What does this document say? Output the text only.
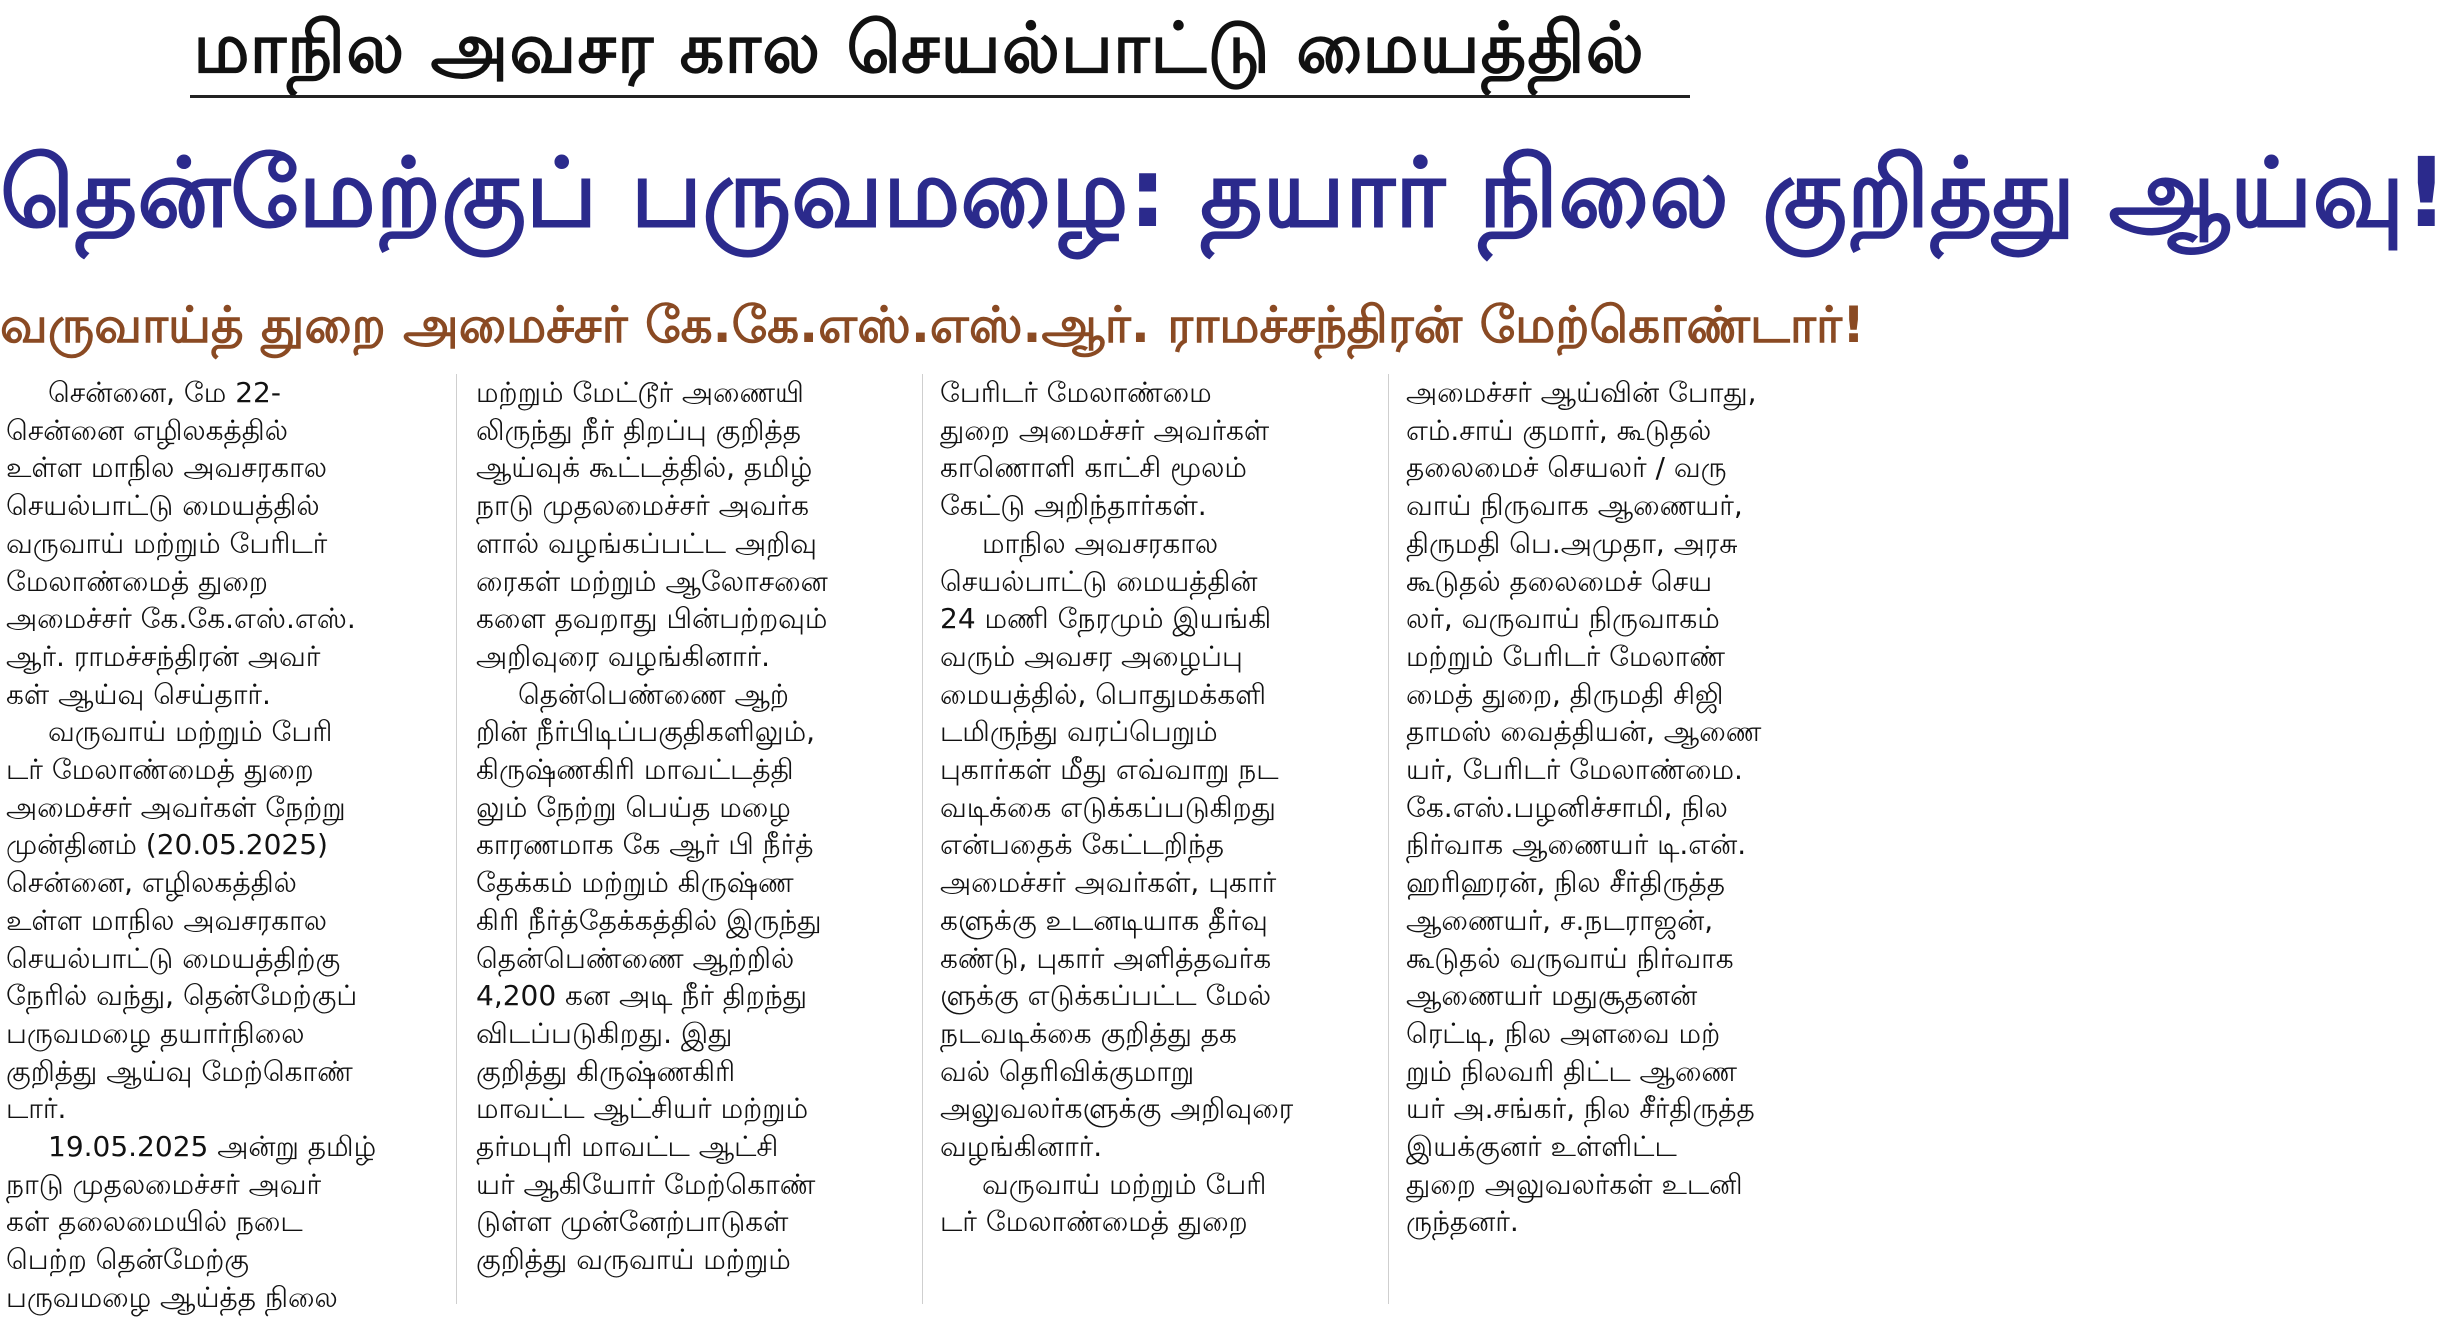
மாநில அவசர கால செயல்பாட்டு மையத்தில்
தென்மேற்குப் பருவமழை: தயார் நிலை குறித்து ஆய்வு!
வருவாய்த் துறை அமைச்சர் கே.கே.எஸ்.எஸ்.ஆர். ராமச்சந்திரன் மேற்கொண்டார்!
சென்னை, மே 22-
சென்னை எழிலகத்தில்
உள்ள மாநில அவசரகால
செயல்பாட்டு மையத்தில்
வருவாய் மற்றும் பேரிடர்
மேலாண்மைத் துறை
அமைச்சர் கே.கே.எஸ்.எஸ்.
ஆர். ராமச்சந்திரன் அவர்
கள் ஆய்வு செய்தார்.
வருவாய் மற்றும் பேரி
டர் மேலாண்மைத் துறை
அமைச்சர் அவர்கள் நேற்று
முன்தினம் (20.05.2025)
சென்னை, எழிலகத்தில்
உள்ள மாநில அவசரகால
செயல்பாட்டு மையத்திற்கு
நேரில் வந்து, தென்மேற்குப்
பருவமழை தயார்நிலை
குறித்து ஆய்வு மேற்கொண்
டார்.
19.05.2025 அன்று தமிழ்
நாடு முதலமைச்சர் அவர்
கள் தலைமையில் நடை
பெற்ற தென்மேற்கு
பருவமழை ஆய்த்த நிலை
மற்றும் மேட்டூர் அணையி
லிருந்து நீர் திறப்பு குறித்த
ஆய்வுக் கூட்டத்தில், தமிழ்
நாடு முதலமைச்சர் அவர்க
ளால் வழங்கப்பட்ட அறிவு
ரைகள் மற்றும் ஆலோசனை
களை தவறாது பின்பற்றவும்
அறிவுரை வழங்கினார்.
தென்பெண்ணை ஆற்
றின் நீர்பிடிப்பகுதிகளிலும்,
கிருஷ்ணகிரி மாவட்டத்தி
லும் நேற்று பெய்த மழை
காரணமாக கே ஆர் பி நீர்த்
தேக்கம் மற்றும் கிருஷ்ண
கிரி நீர்த்தேக்கத்தில் இருந்து
தென்பெண்ணை ஆற்றில்
4,200 கன அடி நீர் திறந்து
விடப்படுகிறது. இது
குறித்து கிருஷ்ணகிரி
மாவட்ட ஆட்சியர் மற்றும்
தர்மபுரி மாவட்ட ஆட்சி
யர் ஆகியோர் மேற்கொண்
டுள்ள முன்னேற்பாடுகள்
குறித்து வருவாய் மற்றும்
பேரிடர் மேலாண்மை
துறை அமைச்சர் அவர்கள்
காணொளி காட்சி மூலம்
கேட்டு அறிந்தார்கள்.
மாநில அவசரகால
செயல்பாட்டு மையத்தின்
24 மணி நேரமும் இயங்கி
வரும் அவசர அழைப்பு
மையத்தில், பொதுமக்களி
டமிருந்து வரப்பெறும்
புகார்கள் மீது எவ்வாறு நட
வடிக்கை எடுக்கப்படுகிறது
என்பதைக் கேட்டறிந்த
அமைச்சர் அவர்கள், புகார்
களுக்கு உடனடியாக தீர்வு
கண்டு, புகார் அளித்தவர்க
ளுக்கு எடுக்கப்பட்ட மேல்
நடவடிக்கை குறித்து தக
வல் தெரிவிக்குமாறு
அலுவலர்களுக்கு அறிவுரை
வழங்கினார்.
வருவாய் மற்றும் பேரி
டர் மேலாண்மைத் துறை
அமைச்சர் ஆய்வின் போது,
எம்.சாய் குமார், கூடுதல்
தலைமைச் செயலர் / வரு
வாய் நிருவாக ஆணையர்,
திருமதி பெ.அமுதா, அரசு
கூடுதல் தலைமைச் செய
லர், வருவாய் நிருவாகம்
மற்றும் பேரிடர் மேலாண்
மைத் துறை, திருமதி சிஜி
தாமஸ் வைத்தியன், ஆணை
யர், பேரிடர் மேலாண்மை.
கே.எஸ்.பழனிச்சாமி, நில
நிர்வாக ஆணையர் டி.என்.
ஹரிஹரன், நில சீர்திருத்த
ஆணையர், ச.நடராஜன்,
கூடுதல் வருவாய் நிர்வாக
ஆணையர் மதுசூதனன்
ரெட்டி, நில அளவை மற்
றும் நிலவரி திட்ட ஆணை
யர் அ.சங்கர், நில சீர்திருத்த
இயக்குனர் உள்ளிட்ட
துறை அலுவலர்கள் உடனி
ருந்தனர்.
